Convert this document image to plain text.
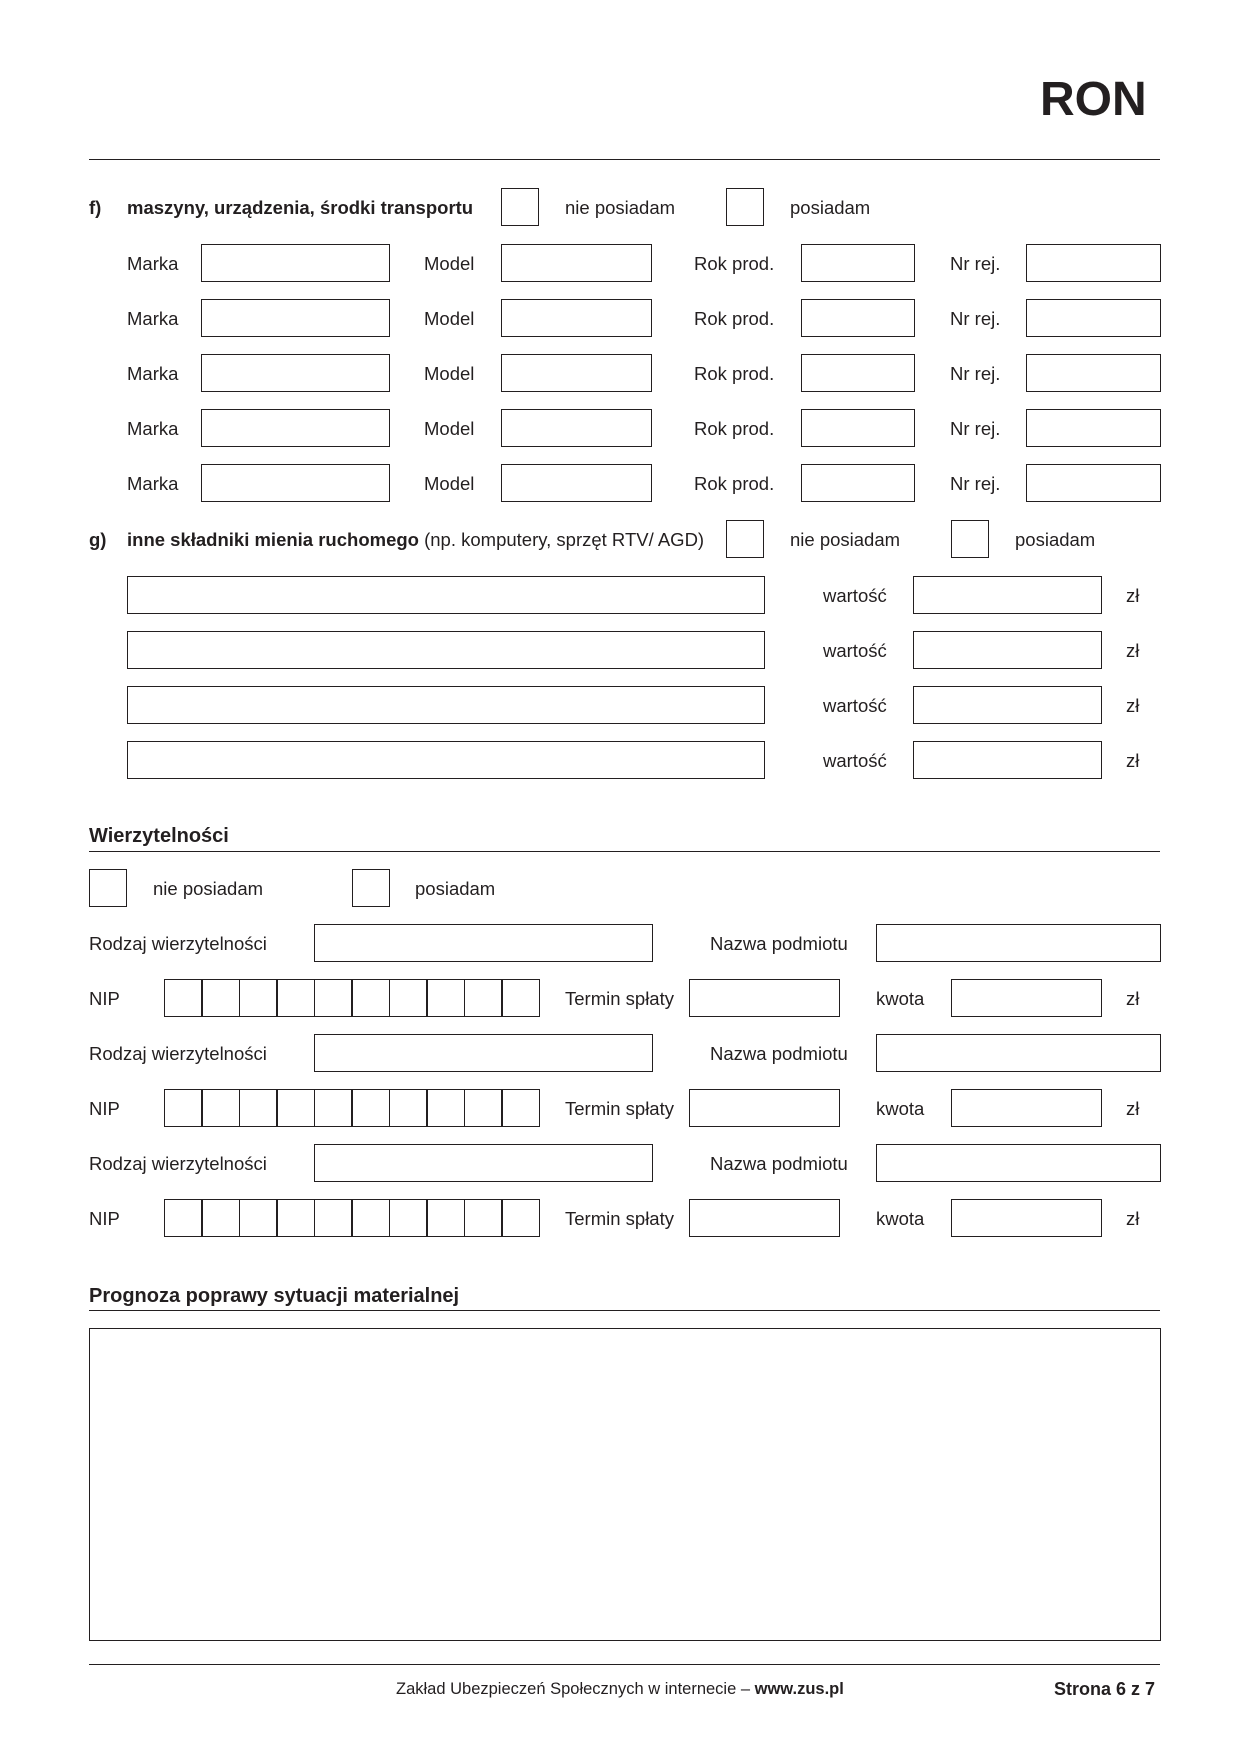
RON
f) maszyny, urządzenia, środki transportu	nie posiadam	posiadam
Marka	Model	Rok prod.	Nr rej.
Marka	Model	Rok prod.	Nr rej.
Marka	Model	Rok prod.	Nr rej.
Marka	Model	Rok prod.	Nr rej.
Marka	Model	Rok prod.	Nr rej.
g) inne składniki mienia ruchomego (np. komputery, sprzęt RTV/ AGD)	nie posiadam	posiadam
wartość	zł
wartość	zł
wartość	zł
wartość	zł
Wierzytelności
nie posiadam	posiadam
Rodzaj wierzytelności	Nazwa podmiotu
NIP	Termin spłaty	kwota	zł
Rodzaj wierzytelności	Nazwa podmiotu
NIP	Termin spłaty	kwota	zł
Rodzaj wierzytelności	Nazwa podmiotu
NIP	Termin spłaty	kwota	zł
Prognoza poprawy sytuacji materialnej
Zakład Ubezpieczeń Społecznych w internecie – www.zus.pl	Strona 6 z 7
